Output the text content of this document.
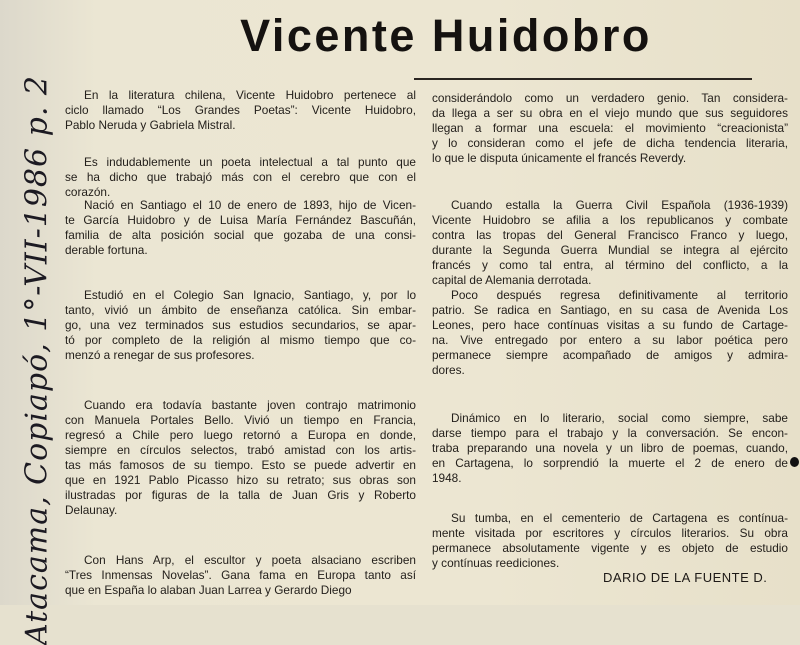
Atacama, Copiapó, 1°-VII-1986 p. 2
Vicente Huidobro
En la literatura chilena, Vicente Huidobro pertenece al
ciclo llamado “Los Grandes Poetas”: Vicente Huidobro,
Pablo Neruda y Gabriela Mistral.
Es indudablemente un poeta intelectual a tal punto que
se ha dicho que trabajó más con el cerebro que con el
corazón.
Nació en Santiago el 10 de enero de 1893, hijo de Vicen-
te García Huidobro y de Luisa María Fernández Bascuñán,
familia de alta posición social que gozaba de una consi-
derable fortuna.
Estudió en el Colegio San Ignacio, Santiago, y, por lo
tanto, vivió un ámbito de enseñanza católica. Sin embar-
go, una vez terminados sus estudios secundarios, se apar-
tó por completo de la religión al mismo tiempo que co-
menzó a renegar de sus profesores.
Cuando era todavía bastante joven contrajo matrimonio
con Manuela Portales Bello. Vivió un tiempo en Francia,
regresó a Chile pero luego retornó a Europa en donde,
siempre en círculos selectos, trabó amistad con los artis-
tas más famosos de su tiempo. Esto se puede advertir en
que en 1921 Pablo Picasso hizo su retrato; sus obras son
ilustradas por figuras de la talla de Juan Gris y Roberto
Delaunay.
Con Hans Arp, el escultor y poeta alsaciano escriben
“Tres Inmensas Novelas”. Gana fama en Europa tanto así
que en España lo alaban Juan Larrea y Gerardo Diego
considerándolo como un verdadero genio. Tan considera-
da llega a ser su obra en el viejo mundo que sus seguidores
llegan a formar una escuela: el movimiento “creacionista”
y lo consideran como el jefe de dicha tendencia literaria,
lo que le disputa únicamente el francés Reverdy.
Cuando estalla la Guerra Civil Española (1936-1939)
Vicente Huidobro se afilia a los republicanos y combate
contra las tropas del General Francisco Franco y luego,
durante la Segunda Guerra Mundial se integra al ejército
francés y como tal entra, al término del conflicto, a la
capital de Alemania derrotada.
Poco después regresa definitivamente al territorio
patrio. Se radica en Santiago, en su casa de Avenida Los
Leones, pero hace contínuas visitas a su fundo de Cartage-
na. Vive entregado por entero a su labor poética pero
permanece siempre acompañado de amigos y admira-
dores.
Dinámico en lo literario, social como siempre, sabe
darse tiempo para el trabajo y la conversación. Se encon-
traba preparando una novela y un libro de poemas, cuando,
en Cartagena, lo sorprendió la muerte el 2 de enero de
1948.
Su tumba, en el cementerio de Cartagena es contínua-
mente visitada por escritores y círculos literarios. Su obra
permanece absolutamente vigente y es objeto de estudio
y contínuas reediciones.
DARIO DE LA FUENTE D.
